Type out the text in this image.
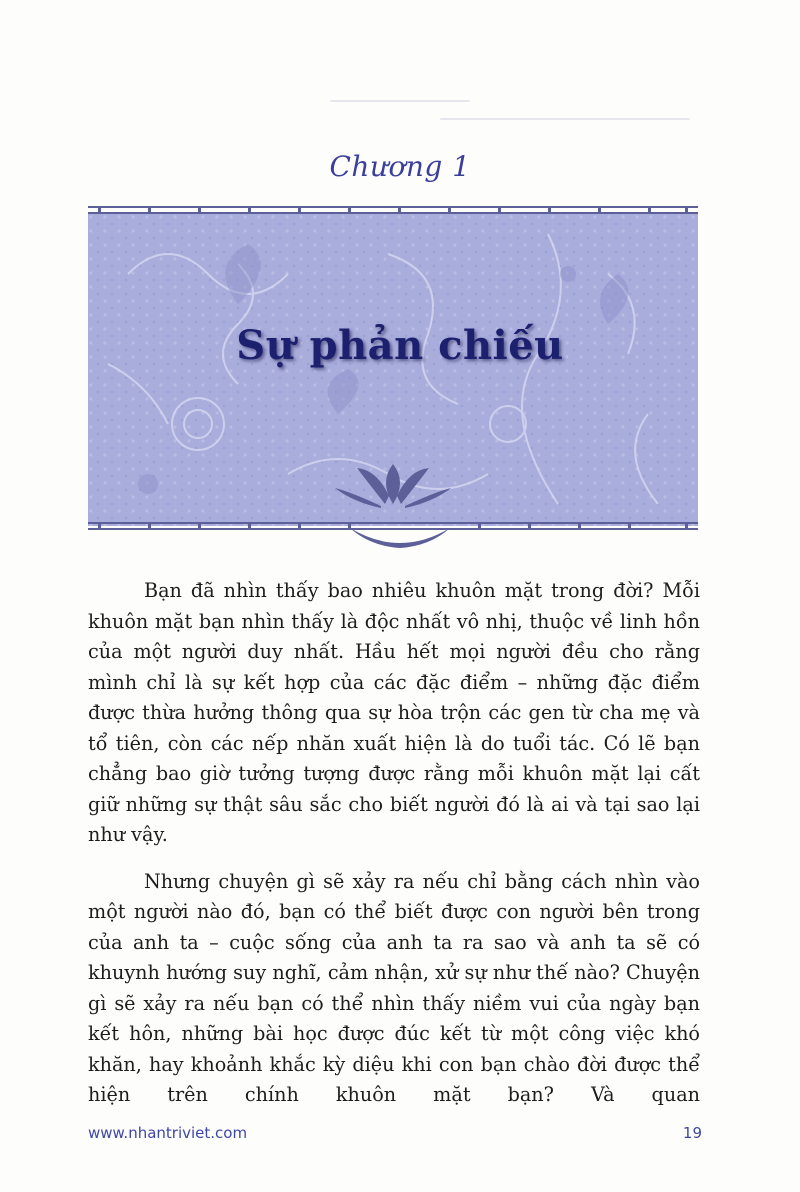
Chương 1
Sự phản chiếu

Bạn đã nhìn thấy bao nhiêu khuôn mặt trong đời? Mỗi khuôn mặt bạn nhìn thấy là độc nhất vô nhị, thuộc về linh hồn của một người duy nhất. Hầu hết mọi người đều cho rằng mình chỉ là sự kết hợp của các đặc điểm – những đặc điểm được thừa hưởng thông qua sự hòa trộn các gen từ cha mẹ và tổ tiên, còn các nếp nhăn xuất hiện là do tuổi tác. Có lẽ bạn chẳng bao giờ tưởng tượng được rằng mỗi khuôn mặt lại cất giữ những sự thật sâu sắc cho biết người đó là ai và tại sao lại như vậy.

Nhưng chuyện gì sẽ xảy ra nếu chỉ bằng cách nhìn vào một người nào đó, bạn có thể biết được con người bên trong của anh ta – cuộc sống của anh ta ra sao và anh ta sẽ có khuynh hướng suy nghĩ, cảm nhận, xử sự như thế nào? Chuyện gì sẽ xảy ra nếu bạn có thể nhìn thấy niềm vui của ngày bạn kết hôn, những bài học được đúc kết từ một công việc khó khăn, hay khoảnh khắc kỳ diệu khi con bạn chào đời được thể hiện trên chính khuôn mặt bạn? Và quan

www.nhantriviet.com	19
